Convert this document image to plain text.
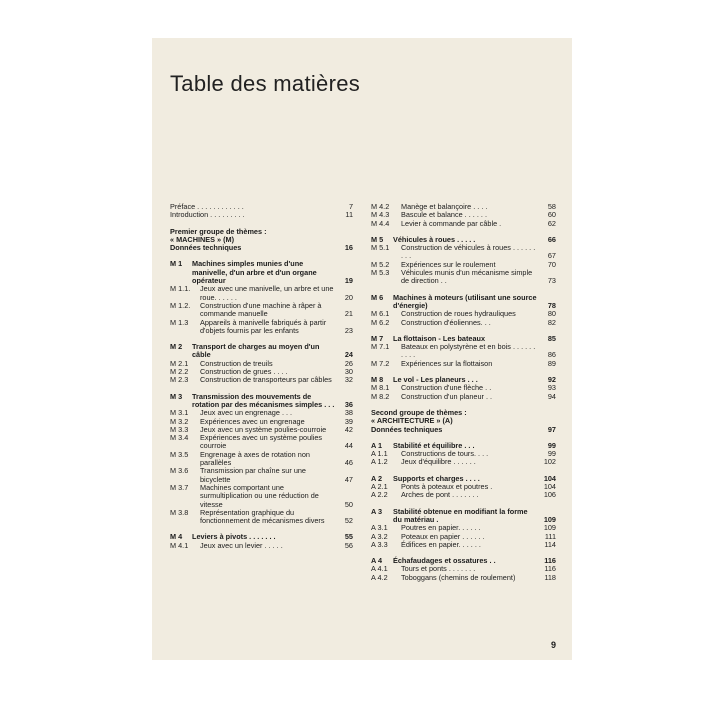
Table des matières
Préface . . . . . . . . . . . .	7
Introduction . . . . . . . . .	11
Premier groupe de thèmes :
« MACHINES » (M)
Données techniques	16
M 1	Machines simples munies d'une manivelle, d'un arbre et d'un organe opérateur	19
M 1.1.	Jeux avec une manivelle, un arbre et une roue. . . . . .	20
M 1.2.	Construction d'une machine à râper à commande manuelle	21
M 1.3	Appareils à manivelle fabriqués à partir d'objets fournis par les enfants	23
M 2	Transport de charges au moyen d'un câble	24
M 2.1	Construction de treuils	26
M 2.2	Construction de grues . . . .	30
M 2.3	Construction de transporteurs par câbles	32
M 3	Transmission des mouvements de rotation par des mécanismes simples . . .	36
M 3.1	Jeux avec un engrenage . . .	38
M 3.2	Expériences avec un engrenage	39
M 3.3	Jeux avec un système poulies-courroie	42
M 3.4	Expériences avec un système poulies courroie	44
M 3.5	Engrenage à axes de rotation non parallèles	46
M 3.6	Transmission par chaîne sur une bicyclette	47
M 3.7	Machines comportant une surmultiplication ou une réduction de vitesse	50
M 3.8	Représentation graphique du fonctionnement de mécanismes divers	52
M 4	Leviers à pivots . . . . . . .	55
M 4.1	Jeux avec un levier . . . . .	56
M 4.2	Manège et balançoire . . . .	58
M 4.3	Bascule et balance . . . . . .	60
M 4.4	Levier à commande par câble .	62
M 5	Véhicules à roues . . . . .	66
M 5.1	Construction de véhicules à roues . . . . . . . . .	67
M 5.2	Expériences sur le roulement	70
M 5.3	Véhicules munis d'un mécanisme simple de direction . .	73
M 6	Machines à moteurs (utilisant une source d'énergie)	78
M 6.1	Construction de roues hydrauliques	80
M 6.2	Construction d'éoliennes. . .	82
M 7	La flottaison - Les bateaux	85
M 7.1	Bateaux en polystyrène et en bois . . . . . . . . . .	86
M 7.2	Expériences sur la flottaison	89
M 8	Le vol - Les planeurs . . .	92
M 8.1	Construction d'une flèche . .	93
M 8.2	Construction d'un planeur . .	94
Second groupe de thèmes :
« ARCHITECTURE » (A)
Données techniques	97
A 1	Stabilité et équilibre . . .	99
A 1.1	Constructions de tours. . . .	99
A 1.2	Jeux d'équilibre . . . . . .	102
A 2	Supports et charges . . . .	104
A 2.1	Ponts à poteaux et poutres .	104
A 2.2	Arches de pont . . . . . . .	106
A 3	Stabilité obtenue en modifiant la forme du matériau .	109
A 3.1	Poutres en papier. . . . . .	109
A 3.2	Poteaux en papier . . . . . .	111
A 3.3	Édifices en papier. . . . . .	114
A 4	Échafaudages et ossatures . .	116
A 4.1	Tours et ponts . . . . . . .	116
A 4.2	Toboggans (chemins de roulement)	118
9
